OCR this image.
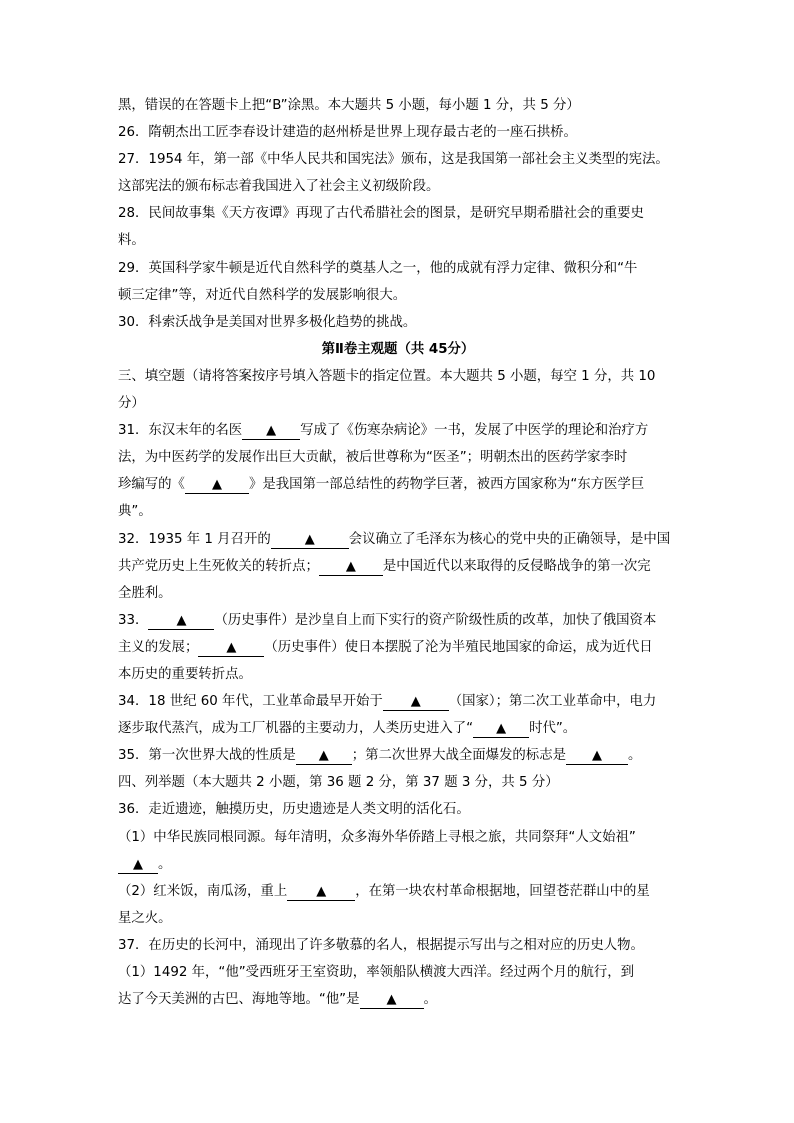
黑，错误的在答题卡上把“B”涂黑。本大题共 5 小题，每小题 1 分，共 5 分）
26．隋朝杰出工匠李春设计建造的赵州桥是世界上现存最古老的一座石拱桥。
27．1954 年，第一部《中华人民共和国宪法》颁布，这是我国第一部社会主义类型的宪法。
这部宪法的颁布标志着我国进入了社会主义初级阶段。
28．民间故事集《天方夜谭》再现了古代希腊社会的图景，是研究早期希腊社会的重要史
料。
29．英国科学家牛顿是近代自然科学的奠基人之一，他的成就有浮力定律、微积分和“牛
顿三定律”等，对近代自然科学的发展影响很大。
30．科索沃战争是美国对世界多极化趋势的挑战。
第Ⅱ卷主观题（共 45分）
三、填空题（请将答案按序号填入答题卡的指定位置。本大题共 5 小题，每空 1 分，共 10
分）
31．东汉末年的名医 ▲ 写成了《伤寒杂病论》一书，发展了中医学的理论和治疗方
法，为中医药学的发展作出巨大贡献，被后世尊称为“医圣”；明朝杰出的医药学家李时
珍编写的《 ▲ 》是我国第一部总结性的药物学巨著，被西方国家称为“东方医学巨
典”。
32．1935 年 1 月召开的	▲	会议确立了毛泽东为核心的党中央的正确领导，是中国
共产党历史上生死攸关的转折点； ▲ 是中国近代以来取得的反侵略战争的第一次完
全胜利。
33． ▲ （历史事件）是沙皇自上而下实行的资产阶级性质的改革，加快了俄国资本
主义的发展； ▲ （历史事件）使日本摆脱了沦为半殖民地国家的命运，成为近代日
本历史的重要转折点。
34．18 世纪 60 年代，工业革命最早开始于 ▲ （国家）；第二次工业革命中，电力
逐步取代蒸汽，成为工厂机器的主要动力，人类历史进入了“ ▲ 时代”。
35．第一次世界大战的性质是 ▲ ；第二次世界大战全面爆发的标志是 ▲ 。
四、列举题（本大题共 2 小题，第 36 题 2 分，第 37 题 3 分，共 5 分）
36．走近遗迹，触摸历史，历史遗迹是人类文明的活化石。
（1）中华民族同根同源。每年清明，众多海外华侨踏上寻根之旅，共同祭拜“人文始祖”
▲ 。
（2）红米饭，南瓜汤，重上 ▲ ，在第一块农村革命根据地，回望苍茫群山中的星
星之火。
37．在历史的长河中，涌现出了许多敬慕的名人，根据提示写出与之相对应的历史人物。
（1）1492 年，“他”受西班牙王室资助，率领船队横渡大西洋。经过两个月的航行，到
达了今天美洲的古巴、海地等地。“他”是 ▲ 。
